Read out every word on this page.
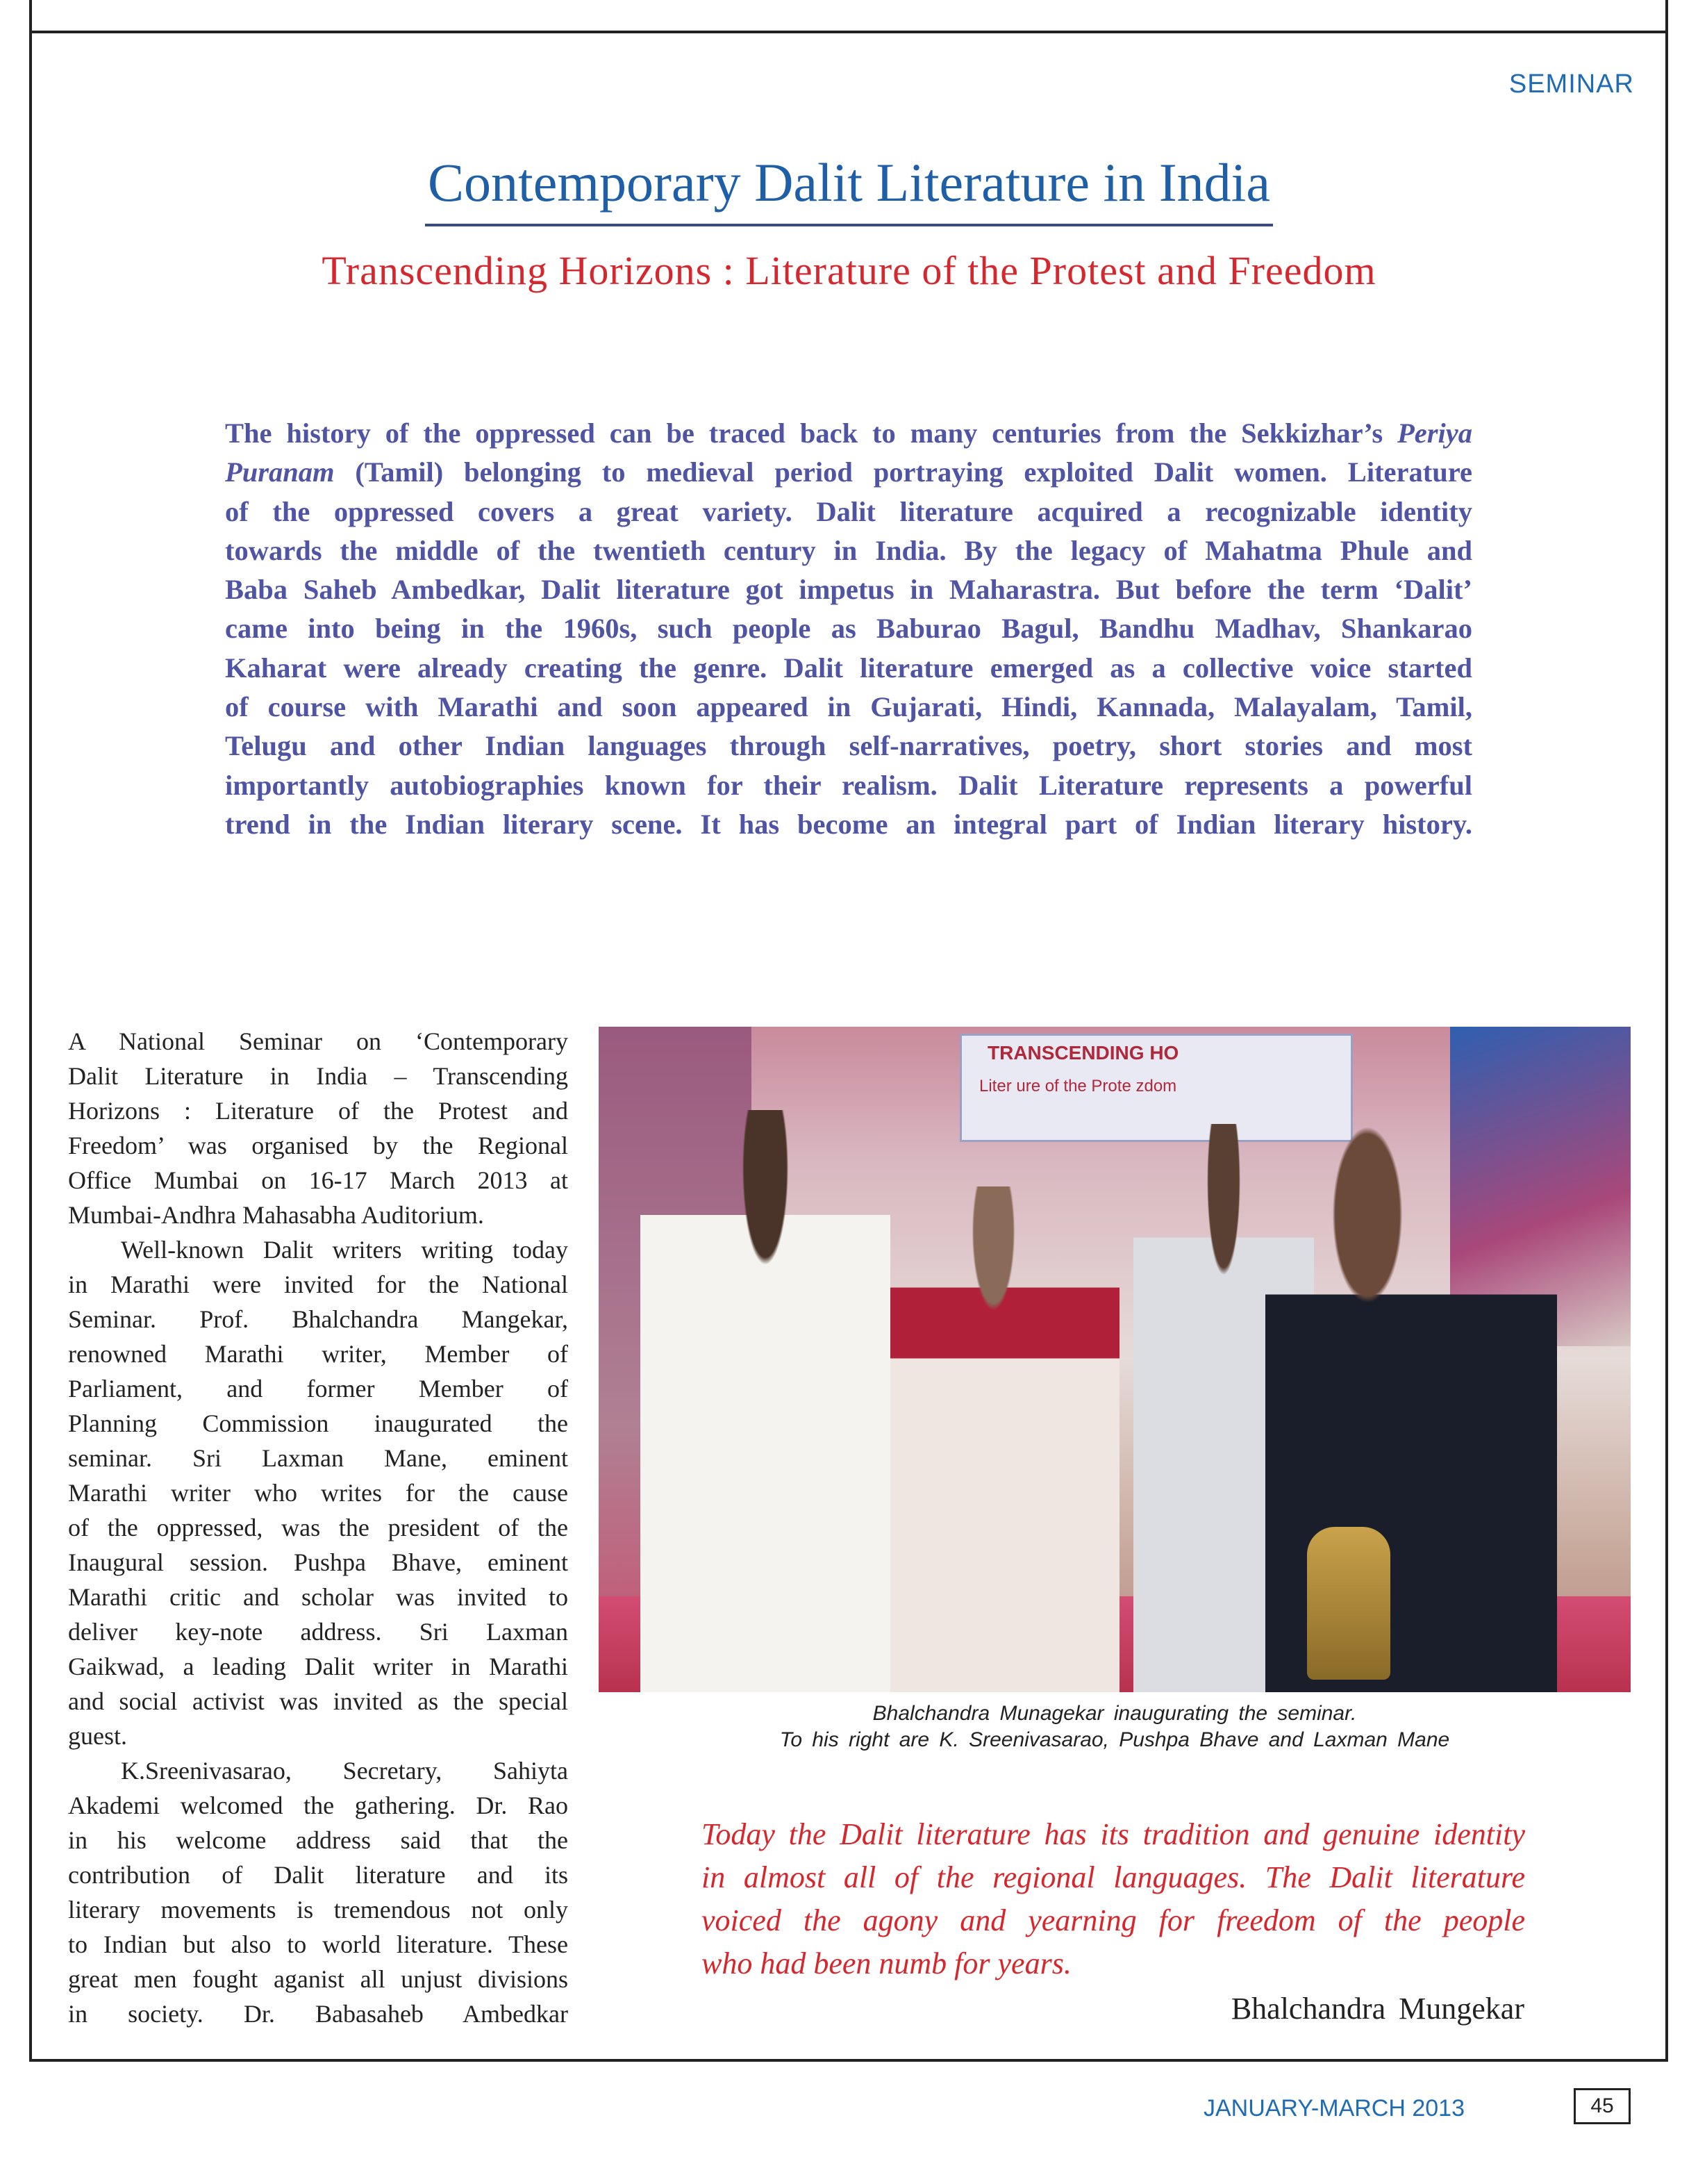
SEMINAR
Contemporary Dalit Literature in India
Transcending Horizons : Literature of the Protest and Freedom
The history of the oppressed can be traced back to many centuries from the Sekkizhar’s Periya
Puranam (Tamil) belonging to medieval period portraying exploited Dalit women. Literature
of the oppressed covers a great variety. Dalit literature acquired a recognizable identity
towards the middle of the twentieth century in India. By the legacy of Mahatma Phule and
Baba Saheb Ambedkar, Dalit literature got impetus in Maharastra. But before the term ‘Dalit’
came into being in the 1960s, such people as Baburao Bagul, Bandhu Madhav, Shankarao
Kaharat were already creating the genre. Dalit literature emerged as a collective voice started
of course with Marathi and soon appeared in Gujarati, Hindi, Kannada, Malayalam, Tamil,
Telugu and other Indian languages through self-narratives, poetry, short stories and most
importantly autobiographies known for their realism. Dalit Literature represents a powerful
trend in the Indian literary scene. It has become an integral part of Indian literary history.
A National Seminar on ‘Contemporary
Dalit Literature in India – Transcending
Horizons : Literature of the Protest and
Freedom’ was organised by the Regional
Office Mumbai on 16-17 March 2013 at
Mumbai-Andhra Mahasabha Auditorium.
Well-known Dalit writers writing today
in Marathi were invited for the National
Seminar. Prof. Bhalchandra Mangekar,
renowned Marathi writer, Member of
Parliament, and former Member of
Planning Commission inaugurated the
seminar. Sri Laxman Mane, eminent
Marathi writer who writes for the cause
of the oppressed, was the president of the
Inaugural session. Pushpa Bhave, eminent
Marathi critic and scholar was invited to
deliver key-note address. Sri Laxman
Gaikwad, a leading Dalit writer in Marathi
and social activist was invited as the special
guest.
K.Sreenivasarao, Secretary, Sahiyta
Akademi welcomed the gathering. Dr. Rao
in his welcome address said that the
contribution of Dalit literature and its
literary movements is tremendous not only
to Indian but also to world literature. These
great men fought aganist all unjust divisions
in society. Dr. Babasaheb Ambedkar
TRANSCENDING HO
Liter ure of the Prote zdom
Bhalchandra Munagekar inaugurating the seminar.
To his right are K. Sreenivasarao, Pushpa Bhave and Laxman Mane
Today the Dalit literature has its tradition and genuine identity
in almost all of the regional languages. The Dalit literature
voiced the agony and yearning for freedom of the people
who had been numb for years.
Bhalchandra Mungekar
JANUARY-MARCH 2013	45
